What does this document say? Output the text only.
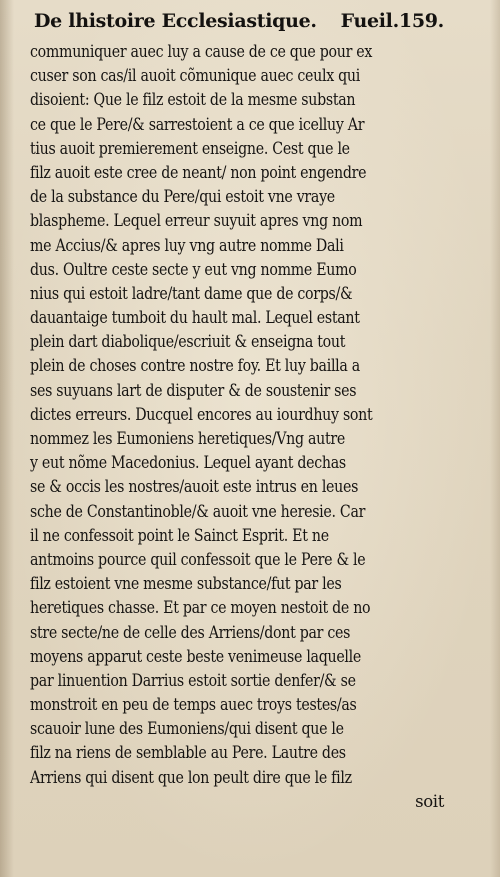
De lhistoire Ecclesiastique. Fueil.159.
communiquer auec luy a cause de ce que pour ex
cuser son cas/il auoit cõmunique auec ceulx qui
disoient: Que le filz estoit de la mesme substan
ce que le Pere/& sarrestoient a ce que icelluy Ar
tius auoit premierement enseigne. Cest que le
filz auoit este cree de neant/ non point engendre
de la substance du Pere/qui estoit vne vraye
blaspheme. Lequel erreur suyuit apres vng nom
me Accius/& apres luy vng autre nomme Dali
dus. Oultre ceste secte y eut vng nomme Eumo
nius qui estoit ladre/tant dame que de corps/&
dauantaige tumboit du hault mal. Lequel estant
plein dart diabolique/escriuit & enseigna tout
plein de choses contre nostre foy. Et luy bailla a
ses suyuans lart de disputer & de soustenir ses
dictes erreurs. Ducquel encores au iourdhuy sont
nommez les Eumoniens heretiques/Vng autre
y eut nõme Macedonius. Lequel ayant dechas
se & occis les nostres/auoit este intrus en leues
sche de Constantinoble/& auoit vne heresie. Car
il ne confessoit point le Sainct Esprit. Et ne
antmoins pource quil confessoit que le Pere & le
filz estoient vne mesme substance/fut par les
heretiques chasse. Et par ce moyen nestoit de no
stre secte/ne de celle des Arriens/dont par ces
moyens apparut ceste beste venimeuse laquelle
par linuention Darrius estoit sortie denfer/& se
monstroit en peu de temps auec troys testes/as
scauoir lune des Eumoniens/qui disent que le
filz na riens de semblable au Pere. Lautre des
Arriens qui disent que lon peult dire que le filz
soit
